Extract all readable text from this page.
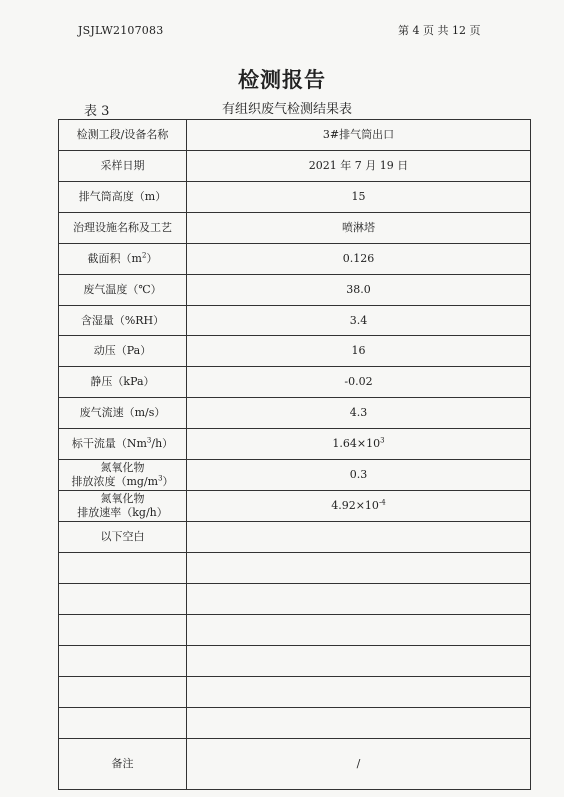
JSJLW2107083	第 4 页 共 12 页
检测报告
表 3	有组织废气检测结果表
检测工段/设备名称	3#排气筒出口
采样日期	2021 年 7 月 19 日
排气筒高度（m）	15
治理设施名称及工艺	喷淋塔
截面积$(m^2)$	0.126
废气温度（℃）	38.0
含湿量（%RH）	3.4
动压（Pa）	16
静压（kPa）	-0.02
废气流速（m/s）	4.3
标干流量（Nm$^3$/h）	$1.64\times 10^3$

氮氧化物
排放浓度$(mg/m^3)$	0.3

氮氧化物
排放速率（kg/h）	$4.92\times 10^{-4}$
以下空白	

备注	/
